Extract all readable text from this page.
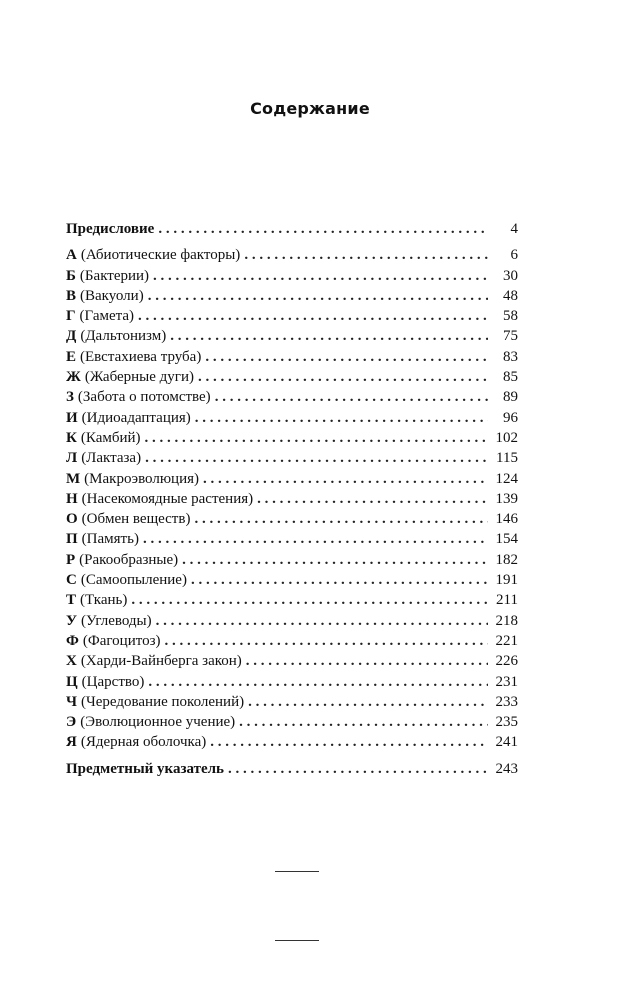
Содержание
Предисловие . . .	4
А (Абиотические факторы) . . .	6
Б (Бактерии) . . .	30
В (Вакуоли) . . .	48
Г (Гамета) . . .	58
Д (Дальтонизм) . . .	75
Е (Евстахиева труба) . . .	83
Ж (Жаберные дуги) . . .	85
З (Забота о потомстве) . . .	89
И (Идиоадаптация) . . .	96
К (Камбий) . . .	102
Л (Лактаза) . . .	115
М (Макроэволюция) . . .	124
Н (Насекомоядные растения) . . .	139
О (Обмен веществ) . . .	146
П (Память) . . .	154
Р (Ракообразные) . . .	182
С (Самоопыление) . . .	191
Т (Ткань) . . .	211
У (Углеводы) . . .	218
Ф (Фагоцитоз) . . .	221
Х (Харди-Вайнберга закон) . . .	226
Ц (Царство) . . .	231
Ч (Чередование поколений) . . .	233
Э (Эволюционное учение) . . .	235
Я (Ядерная оболочка) . . .	241
Предметный указатель . . .	243
